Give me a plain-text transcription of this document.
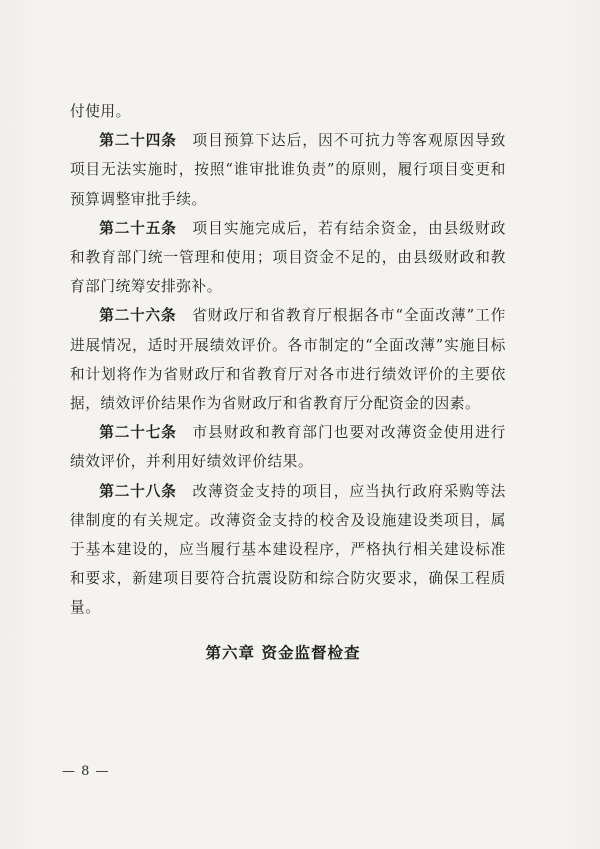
付使用。

第二十四条　 项目预算下达后，因不可抗力等客观原因导致项目无法实施时，按照“谁审批谁负责”的原则，履行项目变更和预算调整审批手续。

第二十五条　 项目实施完成后，若有结余资金，由县级财政和教育部门统一管理和使用；项目资金不足的，由县级财政和教育部门统筹安排弥补。

第二十六条　 省财政厅和省教育厅根据各市“全面改薄”工作进展情况，适时开展绩效评价。各市制定的“全面改薄”实施目标和计划将作为省财政厅和省教育厅对各市进行绩效评价的主要依据，绩效评价结果作为省财政厅和省教育厅分配资金的因素。

第二十七条　 市县财政和教育部门也要对改薄资金使用进行绩效评价，并利用好绩效评价结果。

第二十八条　 改薄资金支持的项目，应当执行政府采购等法律制度的有关规定。改薄资金支持的校舍及设施建设类项目，属于基本建设的，应当履行基本建设程序，严格执行相关建设标准和要求，新建项目要符合抗震设防和综合防灾要求，确保工程质量。

第六章 资金监督检查
— 8 —
